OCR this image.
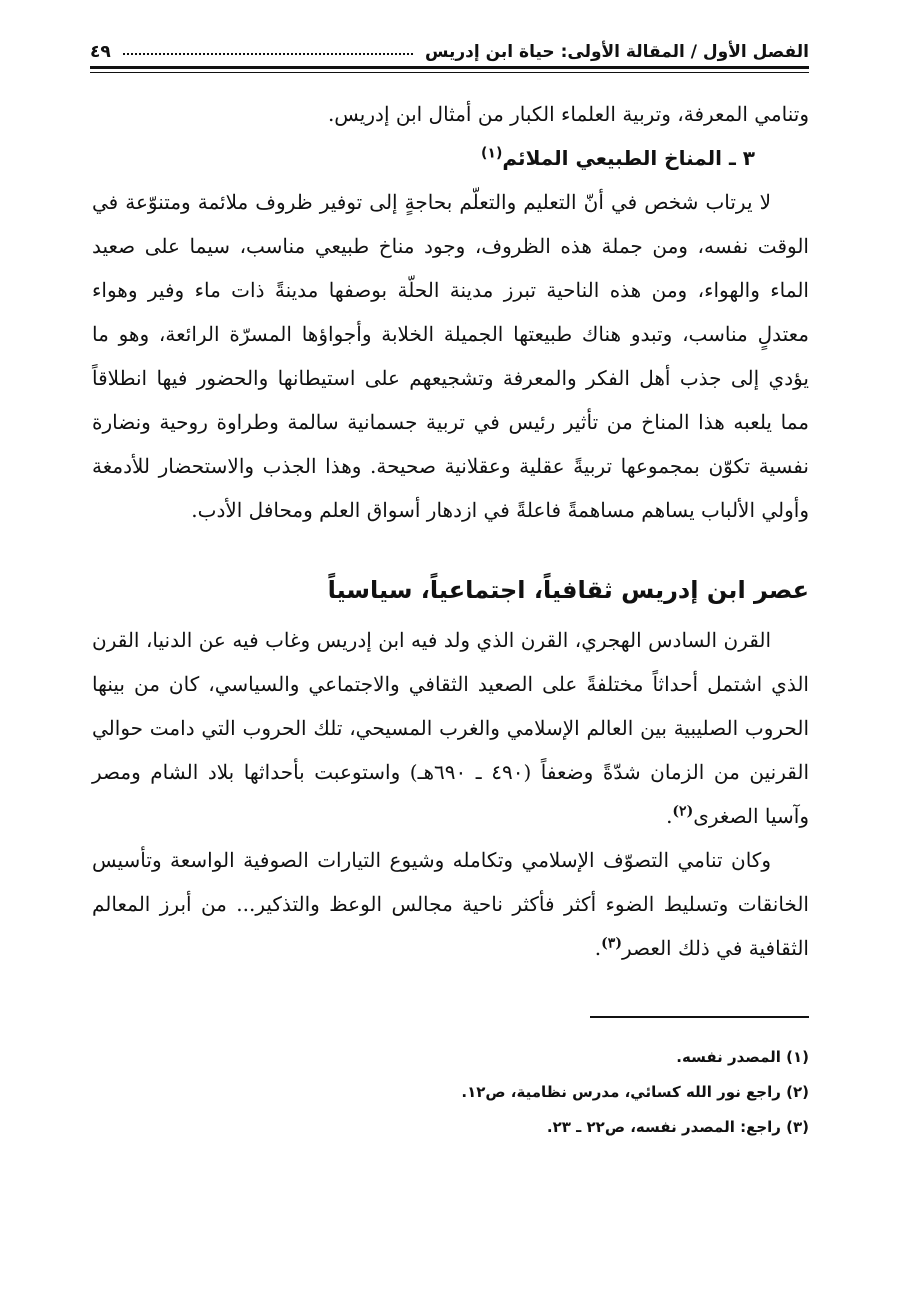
الفصل الأول / المقالة الأولى: حياة ابن إدريس
٤٩

وتنامي المعرفة، وتربية العلماء الكبار من أمثال ابن إدريس.

٣ ـ المناخ الطبيعي الملائم$^{(١)}$

لا يرتاب شخص في أنّ التعليم والتعلّم بحاجةٍ إلى توفير ظروف ملائمة ومتنوّعة في الوقت نفسه، ومن جملة هذه الظروف، وجود مناخ طبيعي مناسب، سيما على صعيد الماء والهواء، ومن هذه الناحية تبرز مدينة الحلّة بوصفها مدينةً ذات ماء وفير وهواء معتدلٍ مناسب، وتبدو هناك طبيعتها الجميلة الخلابة وأجواؤها المسرّة الرائعة، وهو ما يؤدي إلى جذب أهل الفكر والمعرفة وتشجيعهم على استيطانها والحضور فيها انطلاقاً مما يلعبه هذا المناخ من تأثير رئيس في تربية جسمانية سالمة وطراوة روحية ونضارة نفسية تكوّن بمجموعها تربيةً عقلية وعقلانية صحيحة. وهذا الجذب والاستحضار للأدمغة وأولي الألباب يساهم مساهمةً فاعلةً في ازدهار أسواق العلم ومحافل الأدب.

عصر ابن إدريس ثقافياً، اجتماعياً، سياسياً

القرن السادس الهجري، القرن الذي ولد فيه ابن إدريس وغاب فيه عن الدنيا، القرن الذي اشتمل أحداثاً مختلفةً على الصعيد الثقافي والاجتماعي والسياسي، كان من بينها الحروب الصليبية بين العالم الإسلامي والغرب المسيحي، تلك الحروب التي دامت حوالي القرنين من الزمان شدّةً وضعفاً (٤٩٠ ـ ٦٩٠هـ) واستوعبت بأحداثها بلاد الشام ومصر وآسيا الصغرى$^{(٢)}$.

وكان تنامي التصوّف الإسلامي وتكامله وشيوع التيارات الصوفية الواسعة وتأسيس الخانقات وتسليط الضوء أكثر فأكثر ناحية مجالس الوعظ والتذكير... من أبرز المعالم الثقافية في ذلك العصر$^{(٣)}$.

(١) المصدر نفسه.
(٢) راجع نور الله كسائي، مدرس نظامية، ص١٢.
(٣) راجع: المصدر نفسه، ص٢٢ ـ ٢٣.
